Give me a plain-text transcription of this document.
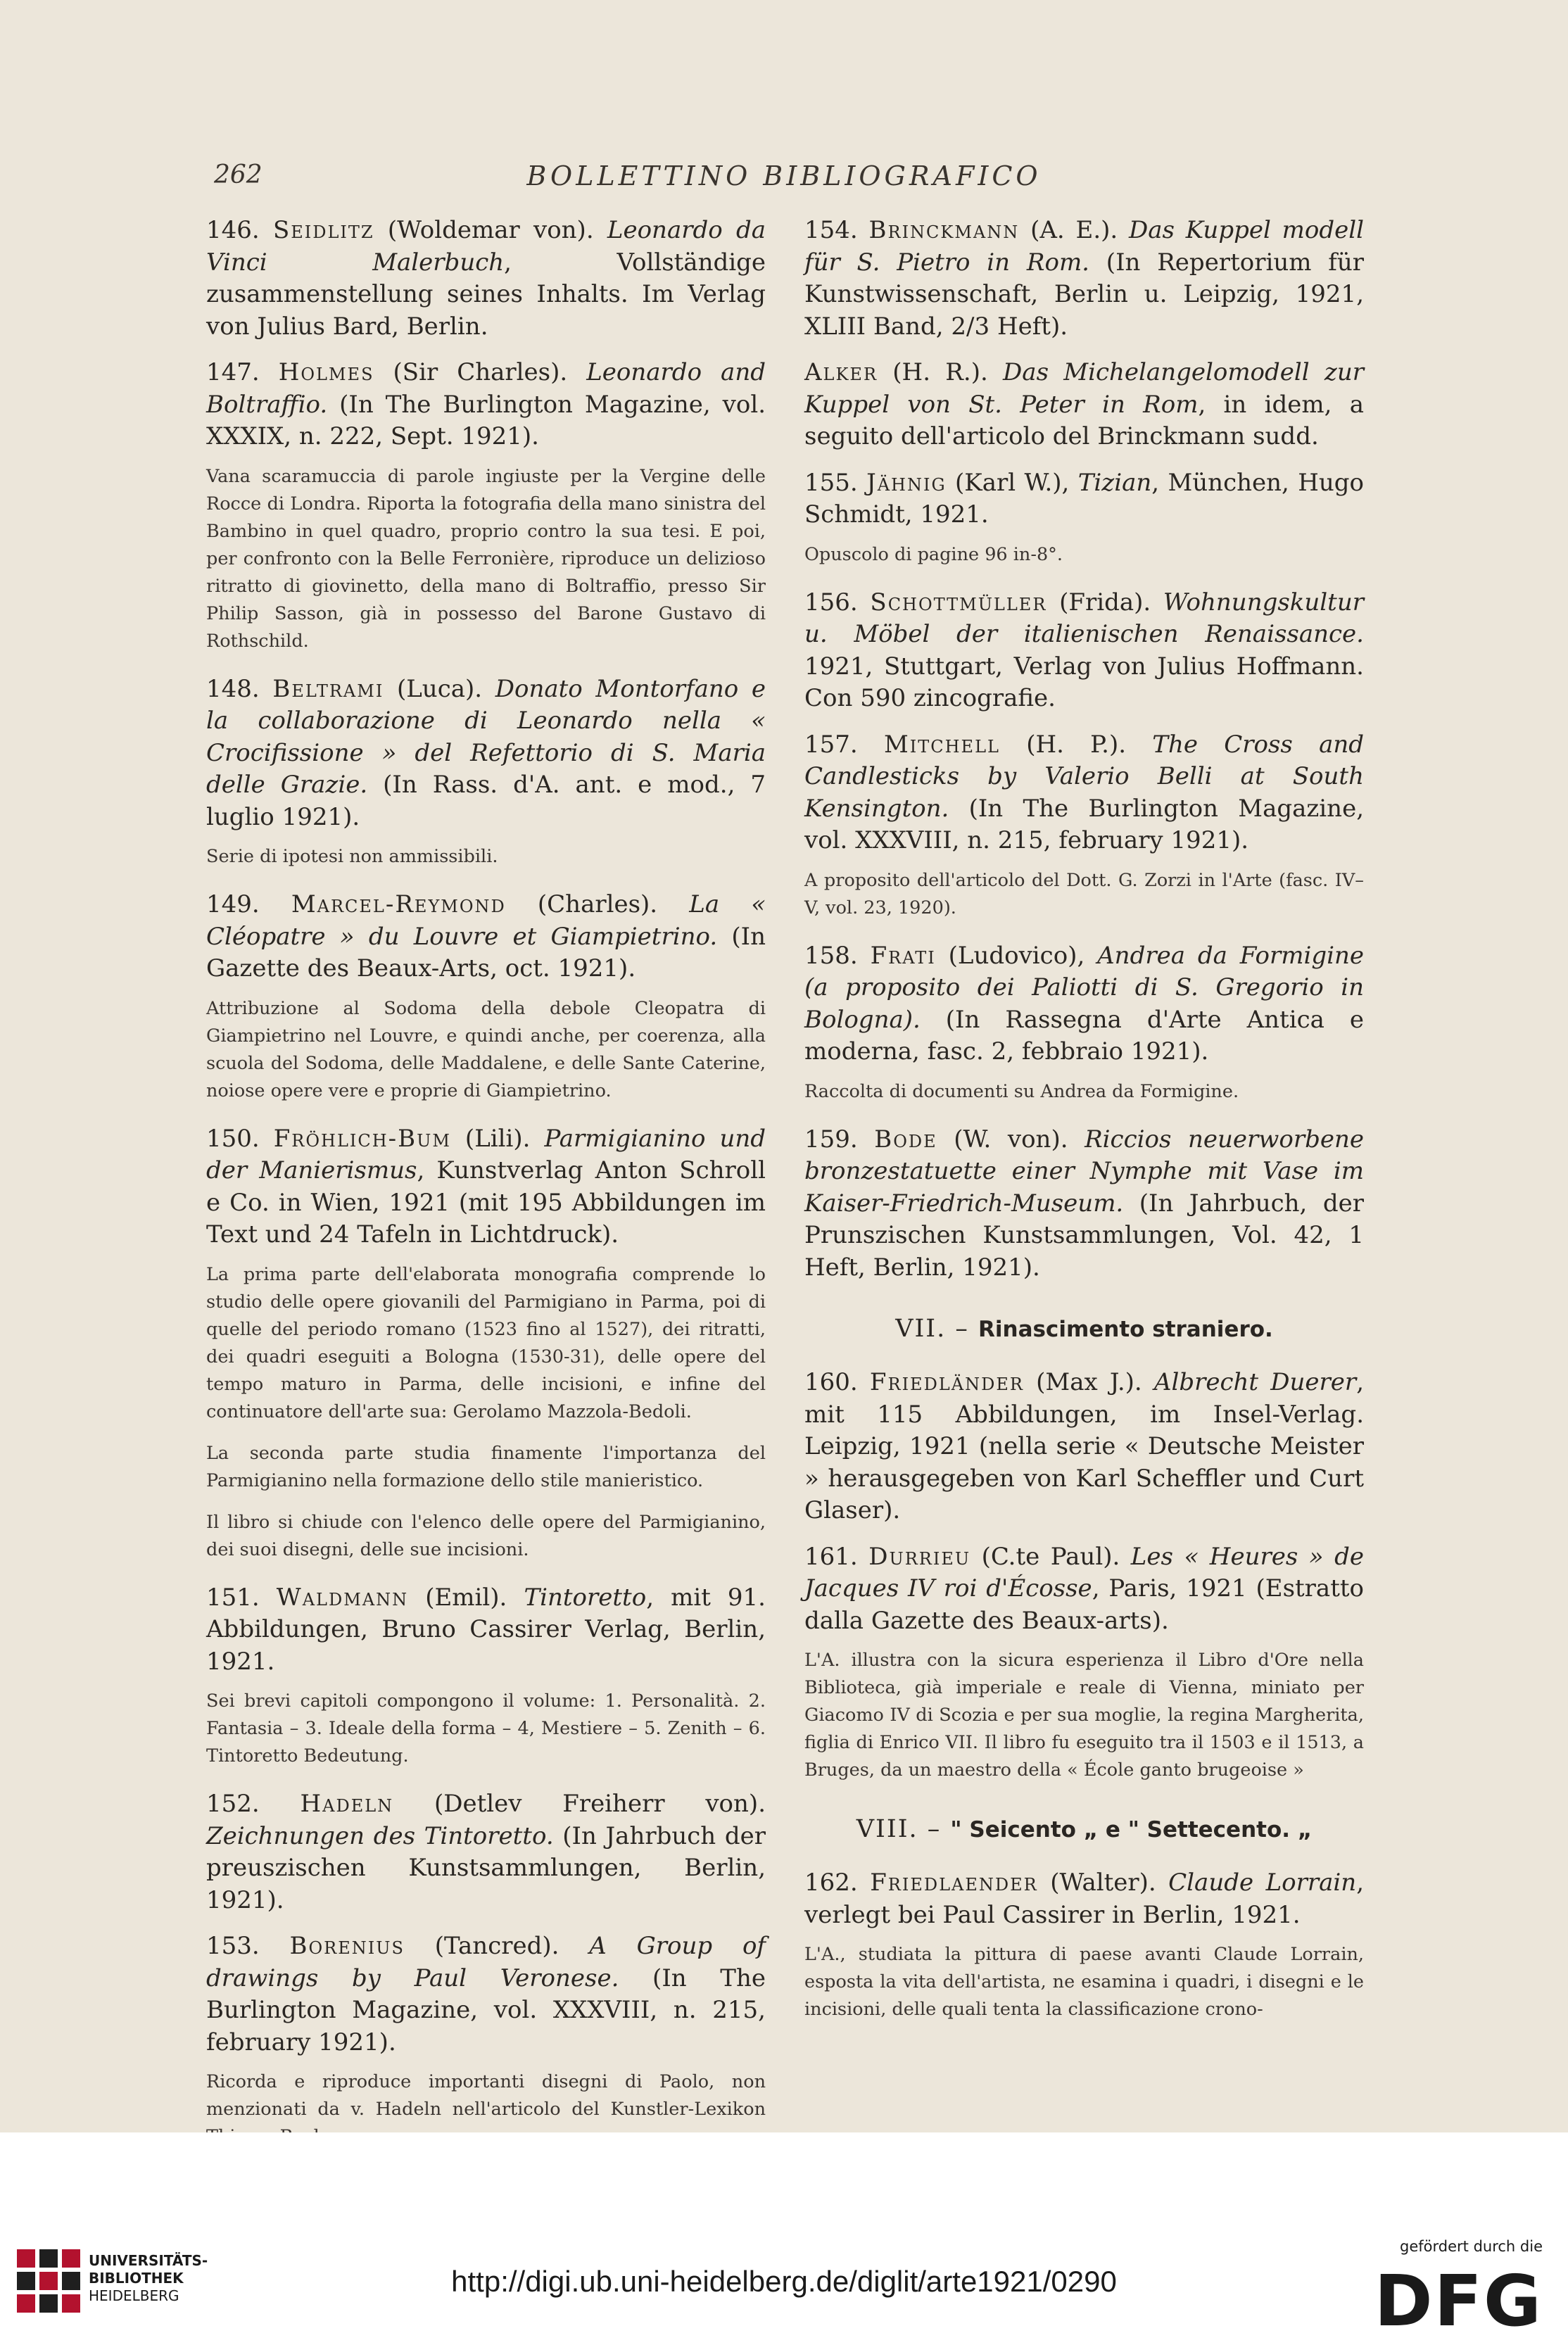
262	BOLLETTINO BIBLIOGRAFICO

146. Seidlitz (Woldemar von). Leonardo da Vinci Malerbuch, Vollständige zusammenstellung seines Inhalts. Im Verlag von Julius Bard, Berlin.

147. Holmes (Sir Charles). Leonardo and Boltraffio. (In The Burlington Magazine, vol. XXXIX, n. 222, Sept. 1921).

Vana scaramuccia di parole ingiuste per la Vergine delle Rocce di Londra. Riporta la fotografia della mano sinistra del Bambino in quel quadro, proprio contro la sua tesi. E poi, per confronto con la Belle Ferronière, riproduce un delizioso ritratto di giovinetto, della mano di Boltraffio, presso Sir Philip Sasson, già in possesso del Barone Gustavo di Rothschild.

148. Beltrami (Luca). Donato Montorfano e la collaborazione di Leonardo nella « Crocifissione » del Refettorio di S. Maria delle Grazie. (In Rass. d'A. ant. e mod., 7 luglio 1921).

Serie di ipotesi non ammissibili.

149. Marcel-Reymond (Charles). La « Cléopatre » du Louvre et Giampietrino. (In Gazette des Beaux-Arts, oct. 1921).

Attribuzione al Sodoma della debole Cleopatra di Giampietrino nel Louvre, e quindi anche, per coerenza, alla scuola del Sodoma, delle Maddalene, e delle Sante Caterine, noiose opere vere e proprie di Giampietrino.

150. Fröhlich-Bum (Lili). Parmigianino und der Manierismus, Kunstverlag Anton Schroll e Co. in Wien, 1921 (mit 195 Abbildungen im Text und 24 Tafeln in Lichtdruck).

La prima parte dell'elaborata monografia comprende lo studio delle opere giovanili del Parmigiano in Parma, poi di quelle del periodo romano (1523 fino al 1527), dei ritratti, dei quadri eseguiti a Bologna (1530-31), delle opere del tempo maturo in Parma, delle incisioni, e infine del continuatore dell'arte sua: Gerolamo Mazzola-Bedoli.

La seconda parte studia finamente l'importanza del Parmigianino nella formazione dello stile manieristico.

Il libro si chiude con l'elenco delle opere del Parmigianino, dei suoi disegni, delle sue incisioni.

151. Waldmann (Emil). Tintoretto, mit 91. Abbildungen, Bruno Cassirer Verlag, Berlin, 1921.

Sei brevi capitoli compongono il volume: 1. Personalità. 2. Fantasia – 3. Ideale della forma – 4, Mestiere – 5. Zenith – 6. Tintoretto Bedeutung.

152. Hadeln (Detlev Freiherr von). Zeichnungen des Tintoretto. (In Jahrbuch der preuszischen Kunstsammlungen, Berlin, 1921).

153. Borenius (Tancred). A Group of drawings by Paul Veronese. (In The Burlington Magazine, vol. XXXVIII, n. 215, february 1921).

Ricorda e riproduce importanti disegni di Paolo, non menzionati da v. Hadeln nell'articolo del Kunstler-Lexikon

154. Brinckmann (A. E.). Das Kuppel modell für S. Pietro in Rom. (In Repertorium für Kunstwissenschaft, Berlin u. Leipzig, 1921, XLIII Band, 2/3 Heft).

Alker (H. R.). Das Michelangelomodell zur Kuppel von St. Peter in Rom, in idem, a seguito dell'articolo del Brinckmann sudd.

155. Jähnig (Karl W.), Tizian, München, Hugo Schmidt, 1921.

Opuscolo di pagine 96 in-8°.

156. Schottmüller (Frida). Wohnungskultur u. Möbel der italienischen Renaissance. 1921, Stuttgart, Verlag von Julius Hoffmann. Con 590 zincografie.

157. Mitchell (H. P.). The Cross and Candlesticks by Valerio Belli at South Kensington. (In The Burlington Magazine, vol. XXXVIII, n. 215, february 1921).

A proposito dell'articolo del Dott. G. Zorzi in l'Arte (fasc. IV–V, vol. 23, 1920).

158. Frati (Ludovico), Andrea da Formigine (a proposito dei Paliotti di S. Gregorio in Bologna). (In Rassegna d'Arte Antica e moderna, fasc. 2, febbraio 1921).

Raccolta di documenti su Andrea da Formigine.

159. Bode (W. von). Riccios neuerworbene bronzestatuette einer Nymphe mit Vase im Kaiser-Friedrich-Museum. (In Jahrbuch, der Prunszischen Kunstsammlungen, Vol. 42, 1 Heft, Berlin, 1921).

VII. – Rinascimento straniero.

160. Friedländer (Max J.). Albrecht Duerer, mit 115 Abbildungen, im Insel-Verlag. Leipzig, 1921 (nella serie « Deutsche Meister » herausgegeben von Karl Scheffler und Curt Glaser).

161. Durrieu (C.te Paul). Les « Heures » de Jacques IV roi d'Écosse, Paris, 1921 (Estratto dalla Gazette des Beaux-arts).

L'A. illustra con la sicura esperienza il Libro d'Ore nella Biblioteca, già imperiale e reale di Vienna, miniato per Giacomo IV di Scozia e per sua moglie, la regina Margherita, figlia di Enrico VII. Il libro fu eseguito tra il 1503 e il 1513, a Bruges, da un maestro della « École ganto brugeoise »

VIII. – " Seicento „ e " Settecento. „

162. Friedlaender (Walter). Claude Lorrain, verlegt bei Paul Cassirer in Berlin, 1921.

L'A., studiata la pittura di paese avanti Claude Lorrain, esposta la vita dell'artista, ne esamina i quadri, i disegni e le incisioni, delle quali tenta la classificazione crono-

UNIVERSITÄTS-
BIBLIOTHEK
HEIDELBERG	http://digi.ub.uni-heidelberg.de/diglit/arte1921/0290
gefördert durch die
DFG
